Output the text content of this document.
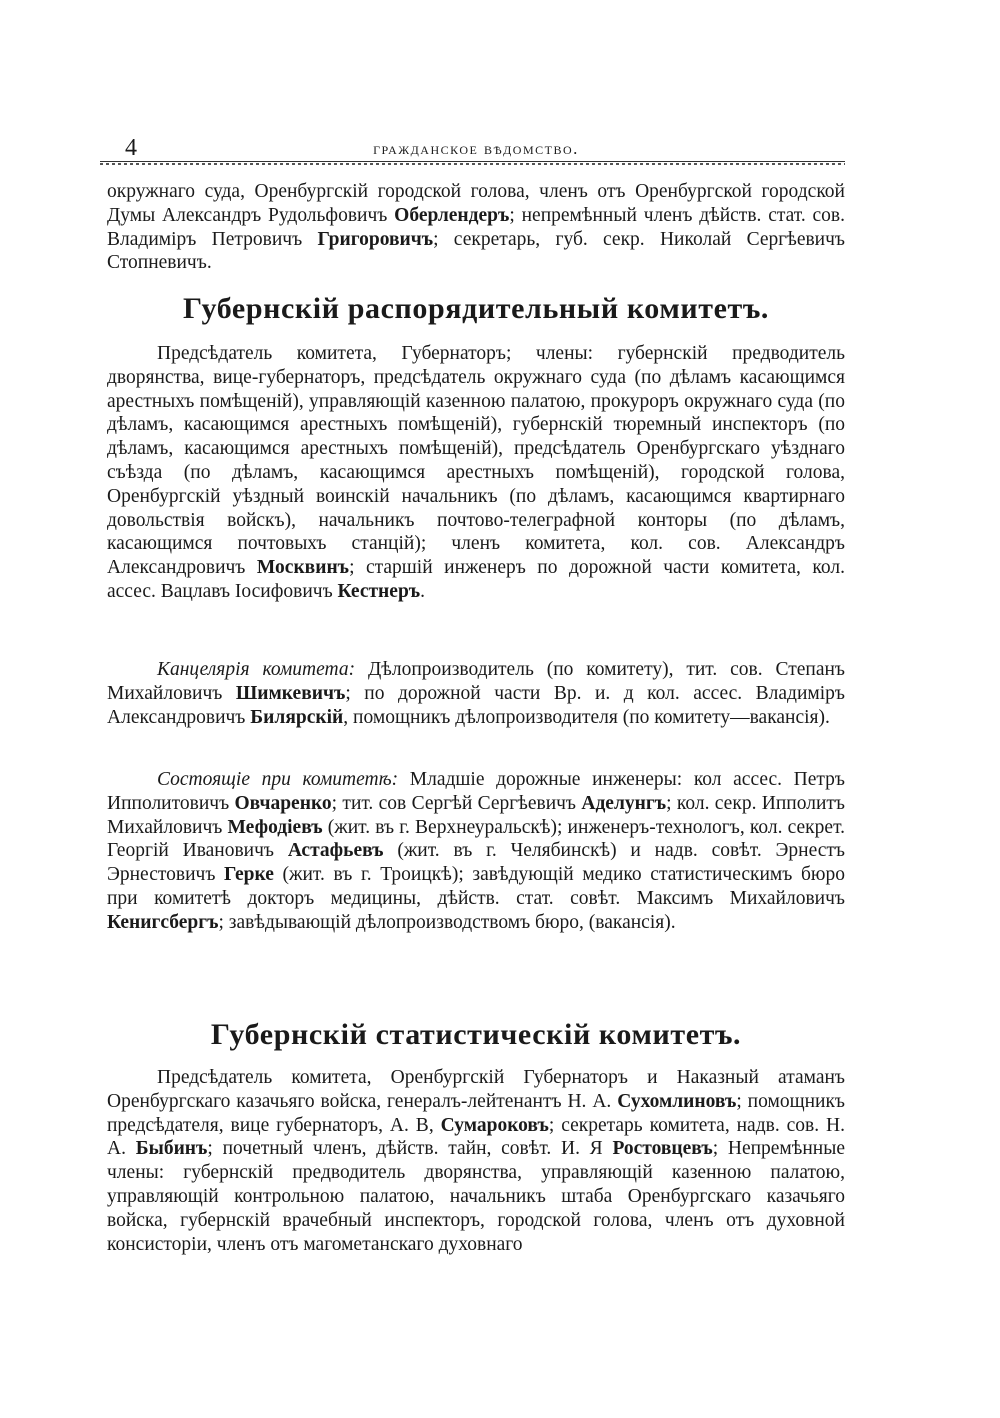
4	гражданское вѣдомство.

окружнаго суда, Оренбургскій городской голова, членъ отъ Оренбургской городской Думы Александръ Рудольфовичъ Оберлендеръ; непремѣнный членъ дѣйств. стат. сов. Владиміръ Петровичъ Григоровичъ; секретарь, губ. секр. Николай Сергѣевичъ Стопневичъ.

Губернскій распорядительный комитетъ.

Предсѣдатель комитета, Губернаторъ; члены: губернскій предводитель дворянства, вице-губернаторъ, предсѣдатель окружнаго суда (по дѣламъ касающимся арестныхъ помѣщеній), управляющій казенною палатою, прокуроръ окружнаго суда (по дѣламъ, касающимся арестныхъ помѣщеній), губернскій тюремный инспекторъ (по дѣламъ, касающимся арестныхъ помѣщеній), предсѣдатель Оренбургскаго уѣзднаго съѣзда (по дѣламъ, касающимся арестныхъ помѣщеній), городской голова, Оренбургскій уѣздный воинскій начальникъ (по дѣламъ, касающимся квартирнаго довольствія войскъ), начальникъ почтово-телеграфной конторы (по дѣламъ, касающимся почтовыхъ станцій); членъ комитета, кол. сов. Александръ Александровичъ Москвинъ; старшій инженеръ по дорожной части комитета, кол. ассес. Вацлавъ Іосифовичъ Кестнеръ.

Канцелярія комитета: Дѣлопроизводитель (по комитету), тит. сов. Степанъ Михайловичъ Шимкевичъ; по дорожной части Вр. и. д кол. ассес. Владиміръ Александровичъ Билярскій, помощникъ дѣлопроизводителя (по комитету—вакансія).

Состоящіе при комитетѣ: Младшіе дорожные инженеры: кол ассес. Петръ Ипполитовичъ Овчаренко; тит. сов Сергѣй Сергѣевичъ Аделунгъ; кол. секр. Ипполитъ Михайловичъ Мефодіевъ (жит. въ г. Верхнеуральскѣ); инженеръ-технологъ, кол. секрет. Георгій Ивановичъ Астафьевъ (жит. въ г. Челябинскѣ) и надв. совѣт. Эрнестъ Эрнестовичъ Герке (жит. въ г. Троицкѣ); завѣдующій медико статистическимъ бюро при комитетѣ докторъ медицины, дѣйств. стат. совѣт. Максимъ Михайловичъ Кенигсбергъ; завѣдывающій дѣлопроизводствомъ бюро, (вакансія).

Губернскій статистическій комитетъ.

Предсѣдатель комитета, Оренбургскій Губернаторъ и Наказный атаманъ Оренбургскаго казачьяго войска, генералъ-лейтенантъ Н. А. Сухомлиновъ; помощникъ предсѣдателя, вице губернаторъ, А. В, Сумароковъ; секретарь комитета, надв. сов. Н. А. Быбинъ; почетный членъ, дѣйств. тайн, совѣт. И. Я Ростовцевъ; Непремѣнные члены: губернскій предводитель дворянства, управляющій казенною палатою, управляющій контрольною палатою, начальникъ штаба Оренбургскаго казачьяго войска, губернскій врачебный инспекторъ, городской голова, членъ отъ духовной консисторіи, членъ отъ магометанскаго духовнаго
